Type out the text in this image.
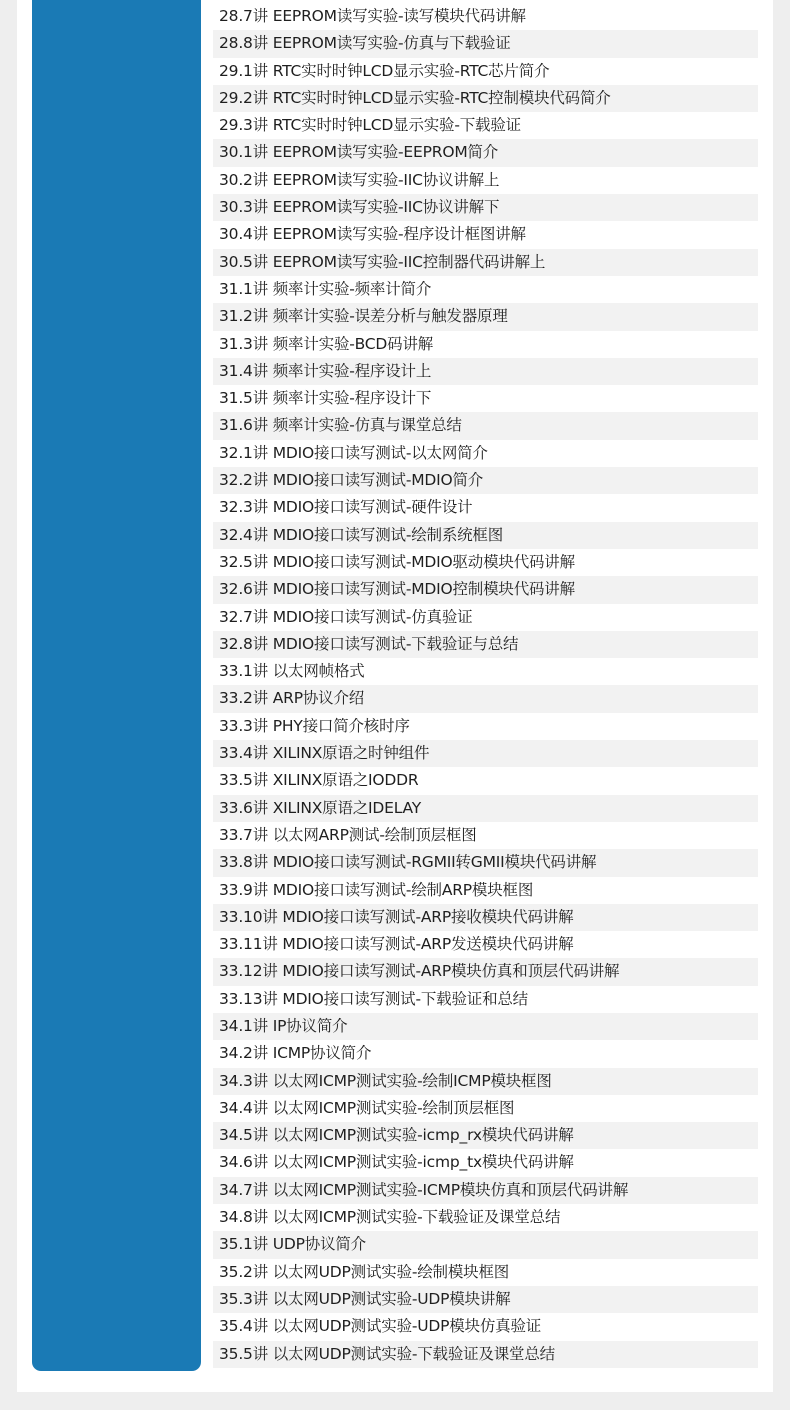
28.7讲 EEPROM读写实验-读写模块代码讲解
28.8讲 EEPROM读写实验-仿真与下载验证
29.1讲 RTC实时时钟LCD显示实验-RTC芯片简介
29.2讲 RTC实时时钟LCD显示实验-RTC控制模块代码简介
29.3讲 RTC实时时钟LCD显示实验-下载验证
30.1讲 EEPROM读写实验-EEPROM简介
30.2讲 EEPROM读写实验-IIC协议讲解上
30.3讲 EEPROM读写实验-IIC协议讲解下
30.4讲 EEPROM读写实验-程序设计框图讲解
30.5讲 EEPROM读写实验-IIC控制器代码讲解上
31.1讲 频率计实验-频率计简介
31.2讲 频率计实验-误差分析与触发器原理
31.3讲 频率计实验-BCD码讲解
31.4讲 频率计实验-程序设计上
31.5讲 频率计实验-程序设计下
31.6讲 频率计实验-仿真与课堂总结
32.1讲 MDIO接口读写测试-以太网简介
32.2讲 MDIO接口读写测试-MDIO简介
32.3讲 MDIO接口读写测试-硬件设计
32.4讲 MDIO接口读写测试-绘制系统框图
32.5讲 MDIO接口读写测试-MDIO驱动模块代码讲解
32.6讲 MDIO接口读写测试-MDIO控制模块代码讲解
32.7讲 MDIO接口读写测试-仿真验证
32.8讲 MDIO接口读写测试-下载验证与总结
33.1讲 以太网帧格式
33.2讲 ARP协议介绍
33.3讲 PHY接口简介核时序
33.4讲 XILINX原语之时钟组件
33.5讲 XILINX原语之IODDR
33.6讲 XILINX原语之IDELAY
33.7讲 以太网ARP测试-绘制顶层框图
33.8讲 MDIO接口读写测试-RGMII转GMII模块代码讲解
33.9讲 MDIO接口读写测试-绘制ARP模块框图
33.10讲 MDIO接口读写测试-ARP接收模块代码讲解
33.11讲 MDIO接口读写测试-ARP发送模块代码讲解
33.12讲 MDIO接口读写测试-ARP模块仿真和顶层代码讲解
33.13讲 MDIO接口读写测试-下载验证和总结
34.1讲 IP协议简介
34.2讲 ICMP协议简介
34.3讲 以太网ICMP测试实验-绘制ICMP模块框图
34.4讲 以太网ICMP测试实验-绘制顶层框图
34.5讲 以太网ICMP测试实验-icmp_rx模块代码讲解
34.6讲 以太网ICMP测试实验-icmp_tx模块代码讲解
34.7讲 以太网ICMP测试实验-ICMP模块仿真和顶层代码讲解
34.8讲 以太网ICMP测试实验-下载验证及课堂总结
35.1讲 UDP协议简介
35.2讲 以太网UDP测试实验-绘制模块框图
35.3讲 以太网UDP测试实验-UDP模块讲解
35.4讲 以太网UDP测试实验-UDP模块仿真验证
35.5讲 以太网UDP测试实验-下载验证及课堂总结
